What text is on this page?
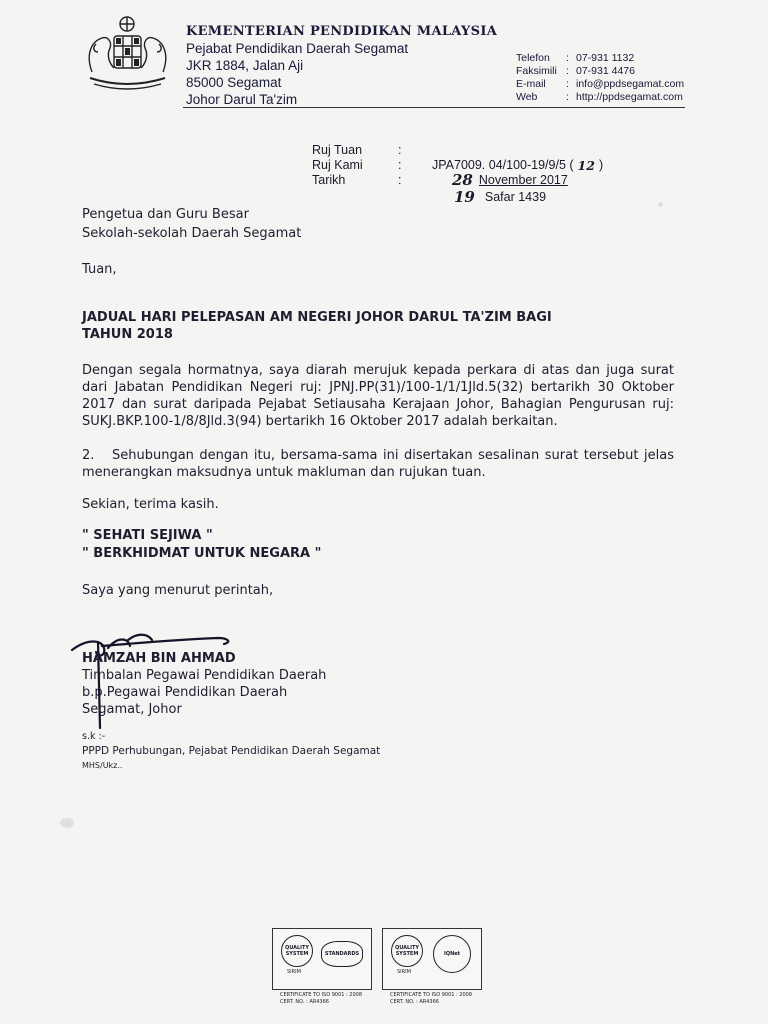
KEMENTERIAN PENDIDIKAN MALAYSIA
Pejabat Pendidikan Daerah Segamat
JKR 1884, Jalan Aji
85000 Segamat
Johor Darul Ta'zim
Telefon	: 07-931 1132
Faksimili : 07-931 4476
E-mail	: info@ppdsegamat.com
Web	: http://ppdsegamat.com
Ruj Tuan	:
Ruj Kami	:	JPA7009. 04/100-19/9/5 ( 12 )
Tarikh	:	28 November 2017
19 Safar 1439
Pengetua dan Guru Besar
Sekolah-sekolah Daerah Segamat
Tuan,
JADUAL HARI PELEPASAN AM NEGERI JOHOR DARUL TA'ZIM BAGI
TAHUN 2018
Dengan segala hormatnya, saya diarah merujuk kepada perkara di atas dan juga surat dari Jabatan Pendidikan Negeri ruj: JPNJ.PP(31)/100-1/1/1Jld.5(32) bertarikh 30 Oktober 2017 dan surat daripada Pejabat Setiausaha Kerajaan Johor, Bahagian Pengurusan ruj: SUKJ.BKP.100-1/8/8Jld.3(94) bertarikh 16 Oktober 2017 adalah berkaitan.
2. Sehubungan dengan itu, bersama-sama ini disertakan sesalinan surat tersebut jelas menerangkan maksudnya untuk makluman dan rujukan tuan.
Sekian, terima kasih.
" SEHATI SEJIWA "
" BERKHIDMAT UNTUK NEGARA "
Saya yang menurut perintah,
HAMZAH BIN AHMAD
Timbalan Pegawai Pendidikan Daerah
b.p.Pegawai Pendidikan Daerah
Segamat, Johor
s.k :-
PPPD Perhubungan, Pejabat Pendidikan Daerah Segamat
MHS/Ukz..
QUALITY SYSTEM	STANDARDS
SIRIM
CERTIFICATE TO ISO 9001 : 2008
CERT. NO. : AR4366
QUALITY SYSTEM	IQNet
SIRIM
CERTIFICATE TO ISO 9001 : 2008
CERT. NO. : AR4366
